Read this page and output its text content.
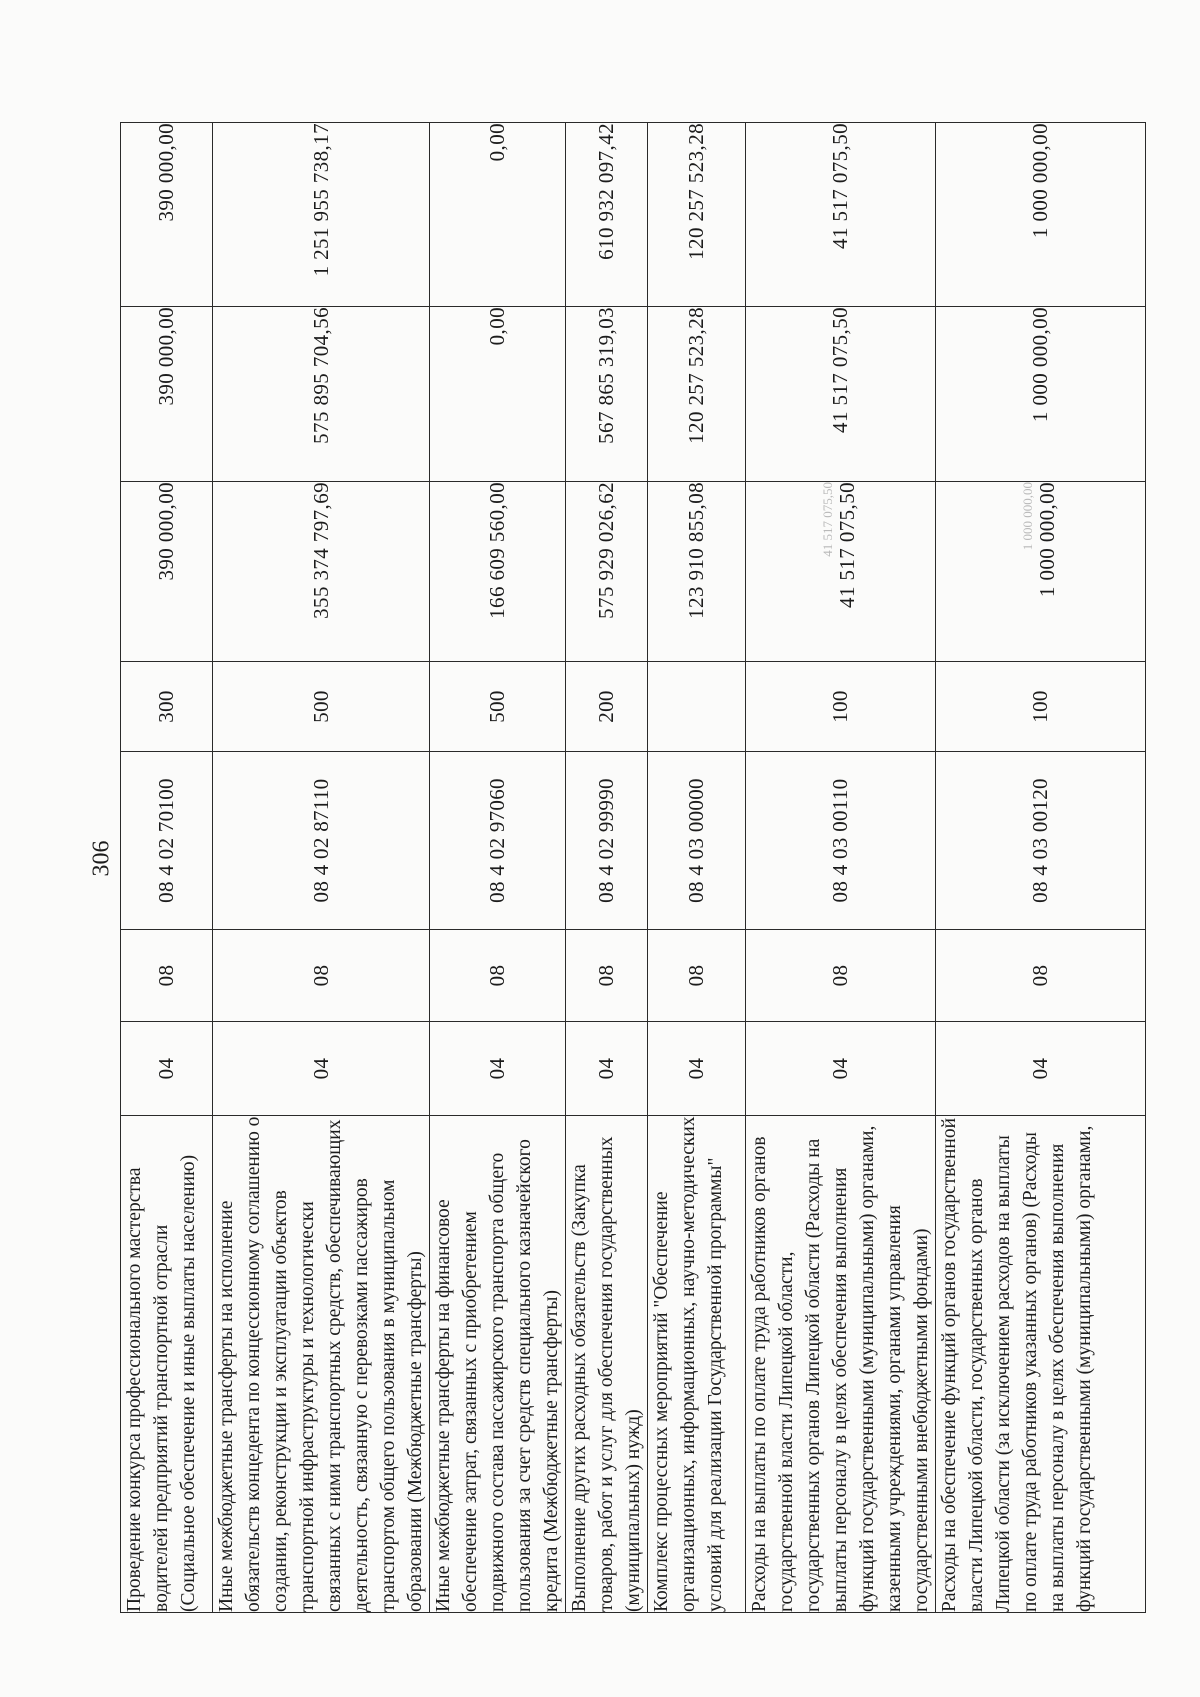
306
Проведение конкурса профессионального мастерства водителей предприятий транспортной отрасли (Социальное обеспечение и иные выплаты населению)	04	08	08 4 02 70100	300	390 000,00	390 000,00	390 000,00
Иные межбюджетные трансферты на исполнение обязательств концедента по концессионному соглашению о создании, реконструкции и эксплуатации объектов транспортной инфраструктуры и технологически связанных с ними транспортных средств, обеспечивающих деятельность, связанную с перевозками пассажиров транспортом общего пользования в муниципальном образовании (Межбюджетные трансферты)	04	08	08 4 02 87110	500	355 374 797,69	575 895 704,56	1 251 955 738,17
Иные межбюджетные трансферты на финансовое обеспечение затрат, связанных с приобретением подвижного состава пассажирского транспорта общего пользования за счет средств специального казначейского кредита (Межбюджетные трансферты)	04	08	08 4 02 97060	500	166 609 560,00	0,00	0,00
Выполнение других расходных обязательств (Закупка товаров, работ и услуг для обеспечения государственных (муниципальных) нужд)	04	08	08 4 02 99990	200	575 929 026,62	567 865 319,03	610 932 097,42
Комплекс процессных мероприятий "Обеспечение организационных, информационных, научно-методических условий для реализации Государственной программы"	04	08	08 4 03 00000		123 910 855,08	120 257 523,28	120 257 523,28
Расходы на выплаты по оплате труда работников органов государственной власти Липецкой области, государственных органов Липецкой области (Расходы на выплаты персоналу в целях обеспечения выполнения функций государственными (муниципальными) органами, казенными учреждениями, органами управления государственными внебюджетными фондами)	04	08	08 4 03 00110	100	41 517 075,50 41 517 075,50	41 517 075,50	41 517 075,50
Расходы на обеспечение функций органов государственной власти Липецкой области, государственных органов Липецкой области (за исключением расходов на выплаты по оплате труда работников указанных органов) (Расходы на выплаты персоналу в целях обеспечения выполнения функций государственными (муниципальными) органами,	04	08	08 4 03 00120	100	1 000 000,00 1 000 000,00	1 000 000,00	1 000 000,00
